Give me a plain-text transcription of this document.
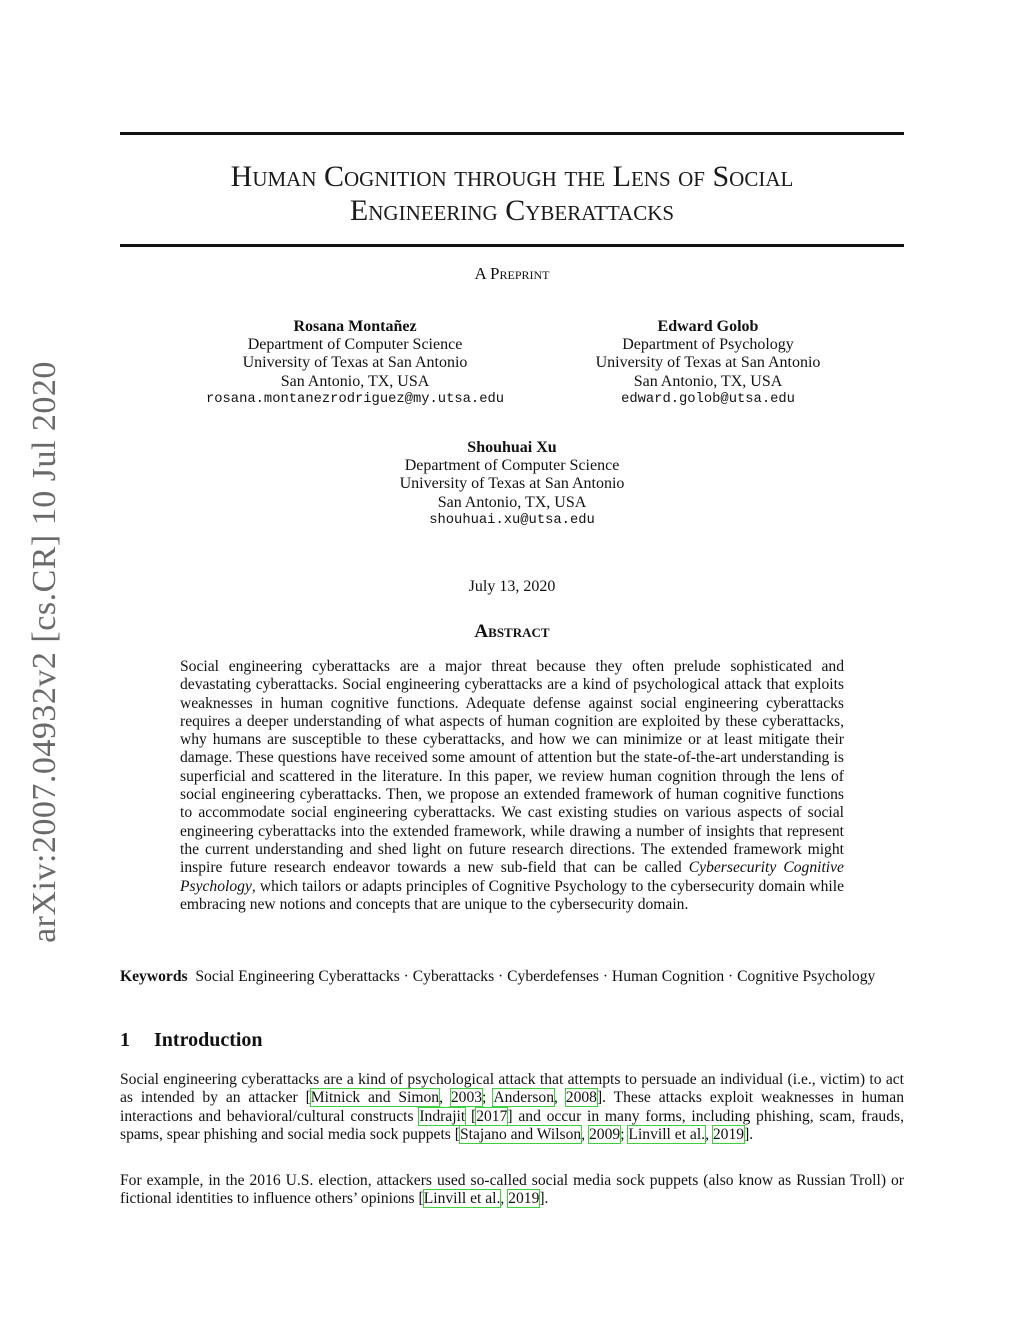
arXiv:2007.04932v2 [cs.CR] 10 Jul 2020
Human Cognition through the Lens of Social
Engineering Cyberattacks
A Preprint
Rosana Montañez
Department of Computer Science
University of Texas at San Antonio
San Antonio, TX, USA
rosana.montanezrodriguez@my.utsa.edu
Edward Golob
Department of Psychology
University of Texas at San Antonio
San Antonio, TX, USA
edward.golob@utsa.edu
Shouhuai Xu
Department of Computer Science
University of Texas at San Antonio
San Antonio, TX, USA
shouhuai.xu@utsa.edu
July 13, 2020
Abstract
Social engineering cyberattacks are a major threat because they often prelude sophisticated and devastating cyberattacks. Social engineering cyberattacks are a kind of psychological attack that exploits weaknesses in human cognitive functions. Adequate defense against social engineering cyberattacks requires a deeper understanding of what aspects of human cognition are exploited by these cyberattacks, why humans are susceptible to these cyberattacks, and how we can minimize or at least mitigate their damage. These questions have received some amount of attention but the state-of-the-art understanding is superficial and scattered in the literature. In this paper, we review human cognition through the lens of social engineering cyberattacks. Then, we propose an extended framework of human cognitive functions to accommodate social engineering cyberattacks. We cast existing studies on various aspects of social engineering cyberattacks into the extended framework, while drawing a number of insights that represent the current understanding and shed light on future research directions. The extended framework might inspire future research endeavor towards a new sub-field that can be called Cybersecurity Cognitive Psychology, which tailors or adapts principles of Cognitive Psychology to the cybersecurity domain while embracing new notions and concepts that are unique to the cybersecurity domain.
Keywords Social Engineering Cyberattacks · Cyberattacks · Cyberdefenses · Human Cognition · Cognitive Psychology
1 Introduction
Social engineering cyberattacks are a kind of psychological attack that attempts to persuade an individual (i.e., victim) to act as intended by an attacker [Mitnick and Simon, 2003; Anderson, 2008]. These attacks exploit weaknesses in human interactions and behavioral/cultural constructs Indrajit [2017] and occur in many forms, including phishing, scam, frauds, spams, spear phishing and social media sock puppets [Stajano and Wilson, 2009; Linvill et al., 2019].
For example, in the 2016 U.S. election, attackers used so-called social media sock puppets (also know as Russian Troll) or fictional identities to influence others’ opinions [Linvill et al., 2019].
